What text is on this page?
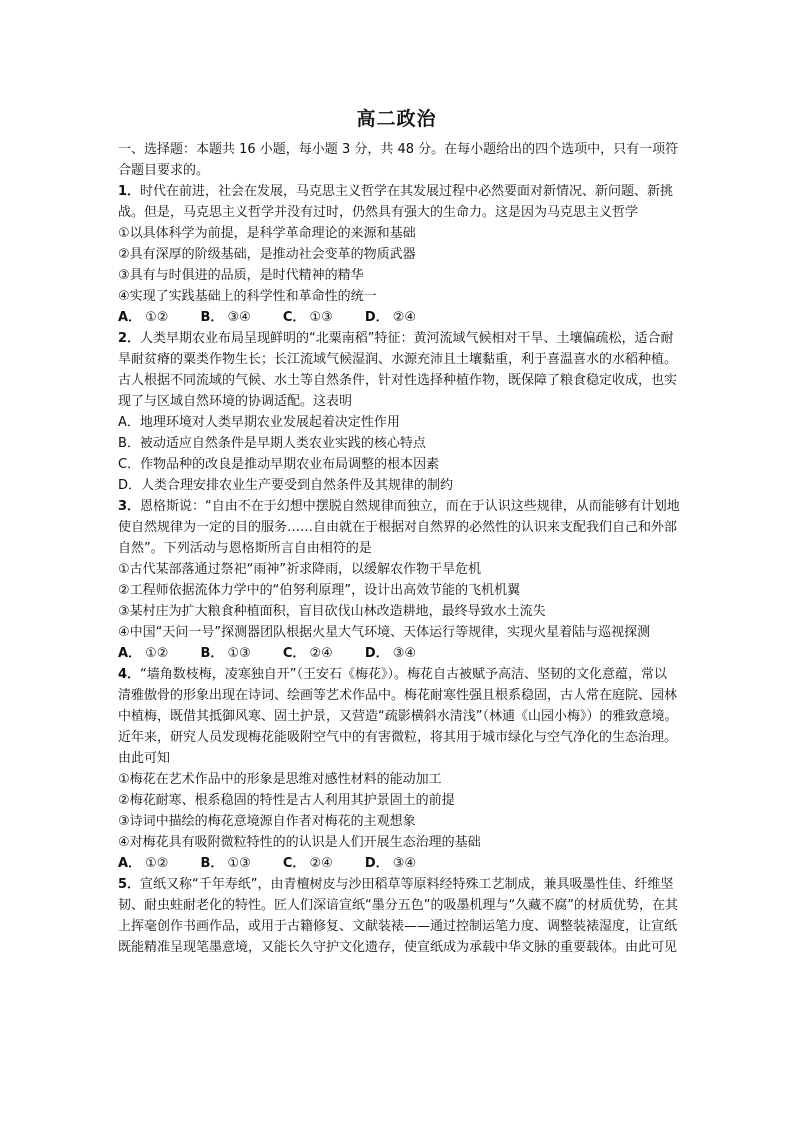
高二政治

一、选择题：本题共 16 小题，每小题 3 分，共 48 分。在每小题给出的四个选项中，只有一项符合题目要求的。

1．时代在前进，社会在发展，马克思主义哲学在其发展过程中必然要面对新情况、新问题、新挑战。但是，马克思主义哲学并没有过时，仍然具有强大的生命力。这是因为马克思主义哲学

①以具体科学为前提，是科学革命理论的来源和基础

②具有深厚的阶级基础，是推动社会变革的物质武器

③具有与时俱进的品质，是时代精神的精华

④实现了实践基础上的科学性和革命性的统一

A． ①② B． ③④ C． ①③ D． ②④

2．人类早期农业布局呈现鲜明的“北粟南稻”特征：黄河流域气候相对干旱、土壤偏疏松，适合耐旱耐贫瘠的粟类作物生长；长江流域气候湿润、水源充沛且土壤黏重，利于喜温喜水的水稻种植。古人根据不同流域的气候、水土等自然条件，针对性选择种植作物，既保障了粮食稳定收成，也实现了与区域自然环境的协调适配。这表明

A．地理环境对人类早期农业发展起着决定性作用

B．被动适应自然条件是早期人类农业实践的核心特点

C．作物品种的改良是推动早期农业布局调整的根本因素

D．人类合理安排农业生产要受到自然条件及其规律的制约

3．恩格斯说：“自由不在于幻想中摆脱自然规律而独立，而在于认识这些规律，从而能够有计划地使自然规律为一定的目的服务……自由就在于根据对自然界的必然性的认识来支配我们自己和外部自然”。下列活动与恩格斯所言自由相符的是

①古代某部落通过祭祀“雨神”祈求降雨，以缓解农作物干旱危机

②工程师依据流体力学中的“伯努利原理”，设计出高效节能的飞机机翼

③某村庄为扩大粮食种植面积，盲目砍伐山林改造耕地，最终导致水土流失

④中国“天问一号”探测器团队根据火星大气环境、天体运行等规律，实现火星着陆与巡视探测

A． ①② B． ①③ C． ②④ D． ③④

4．“墙角数枝梅，凌寒独自开”（王安石《梅花》）。梅花自古被赋予高洁、坚韧的文化意蕴，常以清雅傲骨的形象出现在诗词、绘画等艺术作品中。梅花耐寒性强且根系稳固，古人常在庭院、园林中植梅，既借其抵御风寒、固土护景，又营造“疏影横斜水清浅”（林逋《山园小梅》）的雅致意境。近年来，研究人员发现梅花能吸附空气中的有害微粒，将其用于城市绿化与空气净化的生态治理。由此可知

①梅花在艺术作品中的形象是思维对感性材料的能动加工

②梅花耐寒、根系稳固的特性是古人利用其护景固土的前提

③诗词中描绘的梅花意境源自作者对梅花的主观想象

④对梅花具有吸附微粒特性的的认识是人们开展生态治理的基础

A． ①② B． ①③ C． ②④ D． ③④

5．宣纸又称“千年寿纸”，由青檀树皮与沙田稻草等原料经特殊工艺制成，兼具吸墨性佳、纤维坚韧、耐虫蛀耐老化的特性。匠人们深谙宣纸“墨分五色”的吸墨机理与“久藏不腐”的材质优势，在其上挥毫创作书画作品，或用于古籍修复、文献装裱——通过控制运笔力度、调整装裱湿度，让宣纸既能精准呈现笔墨意境，又能长久守护文化遗存，使宣纸成为承载中华文脉的重要载体。由此可见
